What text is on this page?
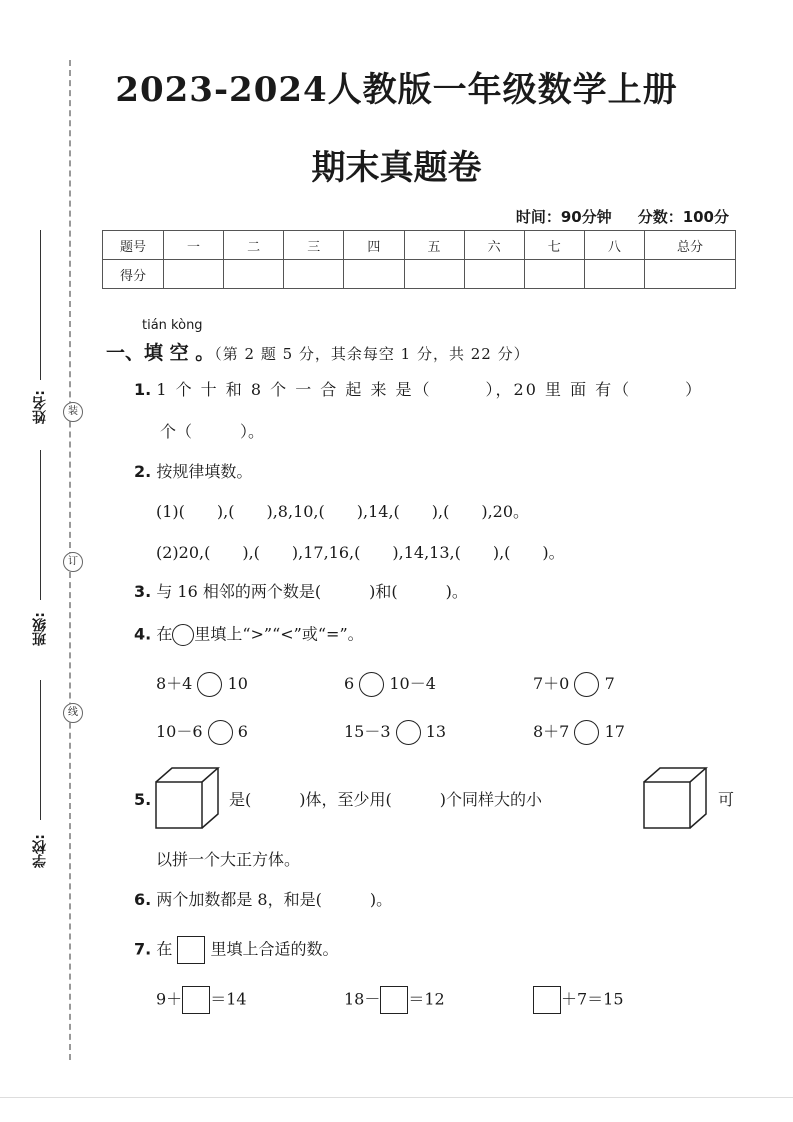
装
订
线
姓名:
班级:
学校:
2023-2024人教版一年级数学上册
期末真题卷
时间：90分钟 分数：100分
题号	一	二	三	四	五	六	七	八	总分
得分									
tián kòng
一、填 空 。（第 2 题 5 分，其余每空 1 分，共 22 分）
1. 1 个 十 和 8 个 一 合 起 来 是（　　　），20 里 面 有（　　　）
个（　　　）。
2. 按规律填数。
(1)(　　),(　　),8,10,(　　),14,(　　),(　　),20。
(2)20,(　　),(　　),17,16,(　　),14,13,(　　),(　　)。
3. 与 16 相邻的两个数是(　　　)和(　　　)。
4. 在 里填上“>”“<”或“=”。
8＋4 10	6 10－4	7＋0 7
10－6 6	15－3 13	8＋7 17
5.	是(　　　)体，至少用(　　　)个同样大的小	可
以拼一个大正方体。
6. 两个加数都是 8，和是(　　　)。
7. 在 里填上合适的数。
9＋ ＝14	18－ ＝12	＋7＝15
